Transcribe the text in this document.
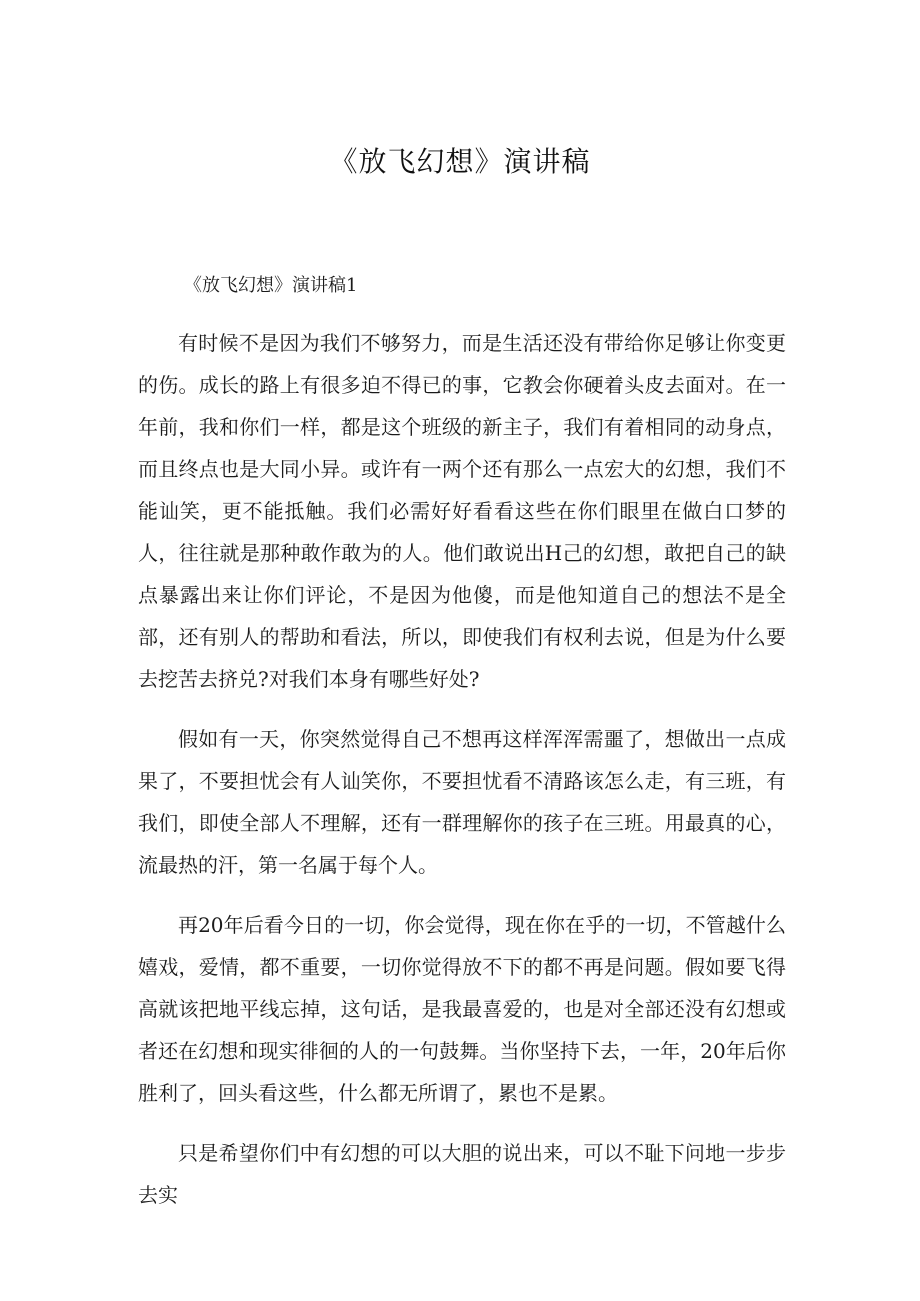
《放飞幻想》演讲稿

《放飞幻想》演讲稿1

有时候不是因为我们不够努力，而是生活还没有带给你足够让你变更的伤。成长的路上有很多迫不得已的事，它教会你硬着头皮去面对。在一年前，我和你们一样，都是这个班级的新主子，我们有着相同的动身点，而且终点也是大同小异。或许有一两个还有那么一点宏大的幻想，我们不能讪笑，更不能抵触。我们必需好好看看这些在你们眼里在做白口梦的人，往往就是那种敢作敢为的人。他们敢说出H己的幻想，敢把自己的缺点暴露出来让你们评论，不是因为他傻，而是他知道自己的想法不是全部，还有别人的帮助和看法，所以，即使我们有权利去说，但是为什么要去挖苦去挤兑?对我们本身有哪些好处?

假如有一天，你突然觉得自己不想再这样浑浑需噩了，想做出一点成果了，不要担忧会有人讪笑你，不要担忧看不清路该怎么走，有三班，有我们，即使全部人不理解，还有一群理解你的孩子在三班。用最真的心，流最热的汗，第一名属于每个人。

再20年后看今日的一切，你会觉得，现在你在乎的一切，不管越什么嬉戏，爱情，都不重要，一切你觉得放不下的都不再是问题。假如要飞得高就该把地平线忘掉，这句话，是我最喜爱的，也是对全部还没有幻想或者还在幻想和现实徘徊的人的一句鼓舞。当你坚持下去，一年，20年后你胜利了，回头看这些，什么都无所谓了，累也不是累。

只是希望你们中有幻想的可以大胆的说出来，可以不耻下问地一步步去实
